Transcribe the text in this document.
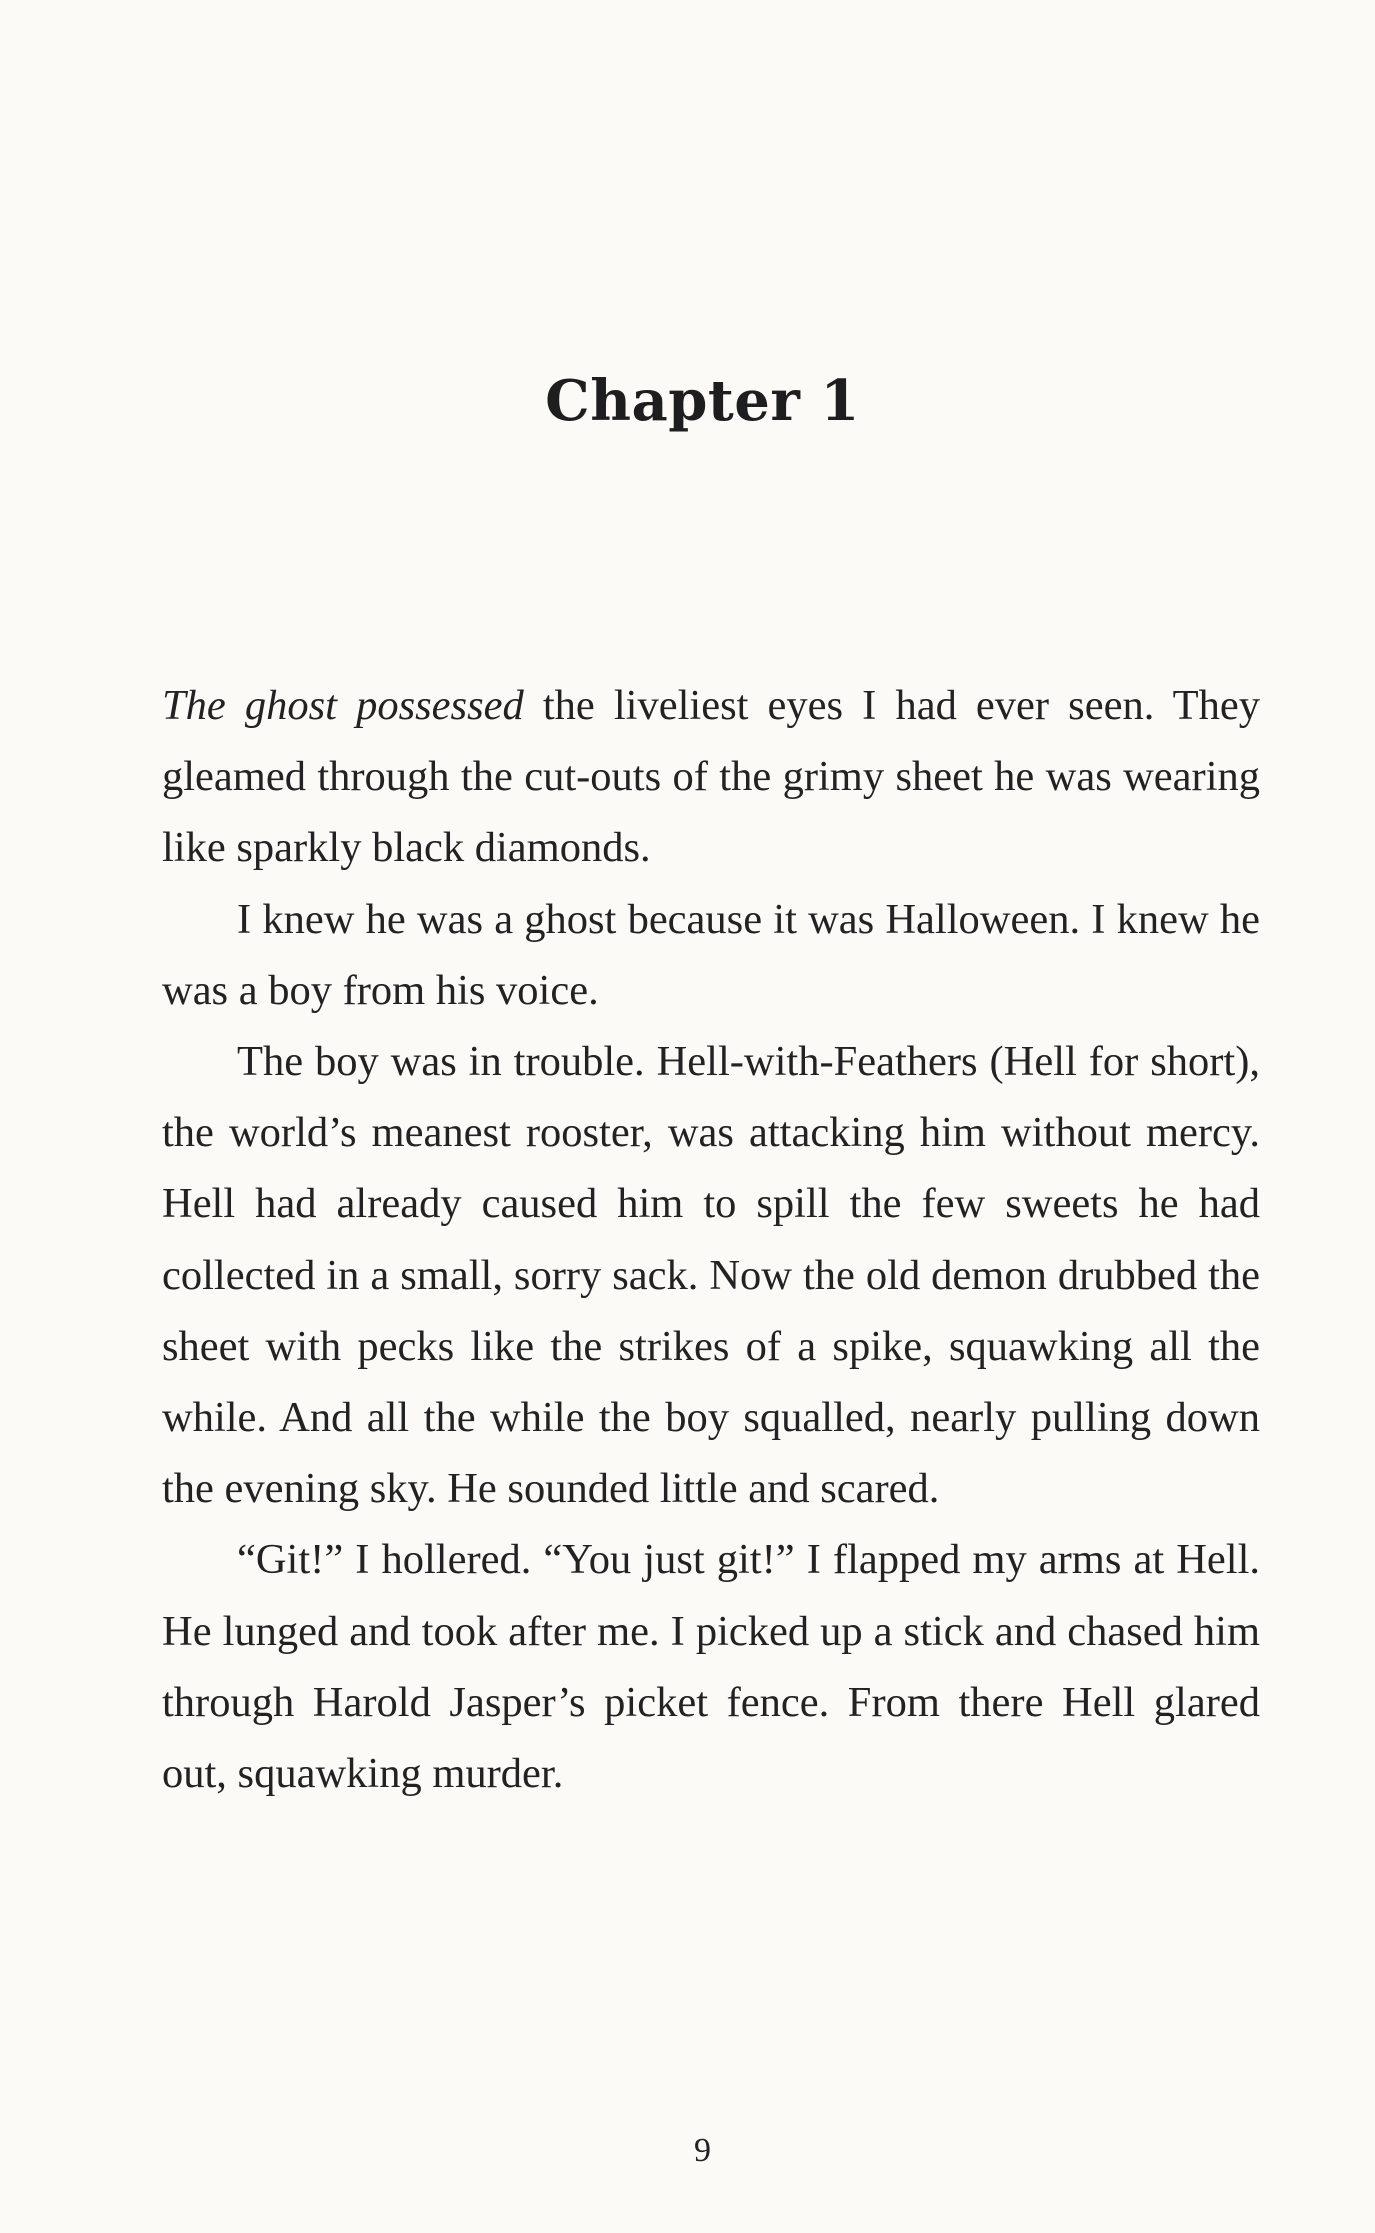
Chapter 1

The ghost possessed the liveliest eyes I had ever seen. They gleamed through the cut-outs of the grimy sheet he was wearing like sparkly black diamonds.

I knew he was a ghost because it was Halloween. I knew he was a boy from his voice.

The boy was in trouble. Hell-with-Feathers (Hell for short), the world’s meanest rooster, was attacking him without mercy. Hell had already caused him to spill the few sweets he had collected in a small, sorry sack. Now the old demon drubbed the sheet with pecks like the strikes of a spike, squawking all the while. And all the while the boy squalled, nearly pulling down the evening sky. He sounded little and scared.

“Git!” I hollered. “You just git!” I flapped my arms at Hell. He lunged and took after me. I picked up a stick and chased him through Harold Jasper’s picket fence. From there Hell glared out, squawking murder.

9
